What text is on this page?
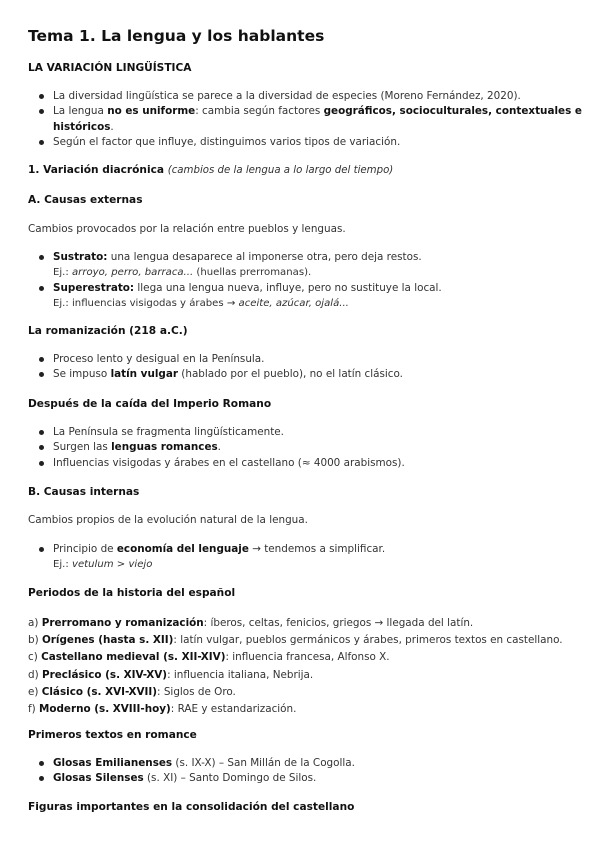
Tema 1. La lengua y los hablantes
LA VARIACIÓN LINGÜÍSTICA
La diversidad lingüística se parece a la diversidad de especies (Moreno Fernández, 2020).
La lengua no es uniforme: cambia según factores geográficos, socioculturales, contextuales e
históricos.
Según el factor que influye, distinguimos varios tipos de variación.
1. Variación diacrónica (cambios de la lengua a lo largo del tiempo)
A. Causas externas
Cambios provocados por la relación entre pueblos y lenguas.
Sustrato: una lengua desaparece al imponerse otra, pero deja restos.
Ej.: arroyo, perro, barraca... (huellas prerromanas).
Superestrato: llega una lengua nueva, influye, pero no sustituye la local.
Ej.: influencias visigodas y árabes → aceite, azúcar, ojalá...
La romanización (218 a.C.)
Proceso lento y desigual en la Península.
Se impuso latín vulgar (hablado por el pueblo), no el latín clásico.
Después de la caída del Imperio Romano
La Península se fragmenta lingüísticamente.
Surgen las lenguas romances.
Influencias visigodas y árabes en el castellano (≈ 4000 arabismos).
B. Causas internas
Cambios propios de la evolución natural de la lengua.
Principio de economía del lenguaje → tendemos a simplificar.
Ej.: vetulum > viejo
Periodos de la historia del español
a) Prerromano y romanización: íberos, celtas, fenicios, griegos → llegada del latín.
b) Orígenes (hasta s. XII): latín vulgar, pueblos germánicos y árabes, primeros textos en castellano.
c) Castellano medieval (s. XII-XIV): influencia francesa, Alfonso X.
d) Preclásico (s. XIV-XV): influencia italiana, Nebrija.
e) Clásico (s. XVI-XVII): Siglos de Oro.
f) Moderno (s. XVIII-hoy): RAE y estandarización.
Primeros textos en romance
Glosas Emilianenses (s. IX-X) – San Millán de la Cogolla.
Glosas Silenses (s. XI) – Santo Domingo de Silos.
Figuras importantes en la consolidación del castellano
